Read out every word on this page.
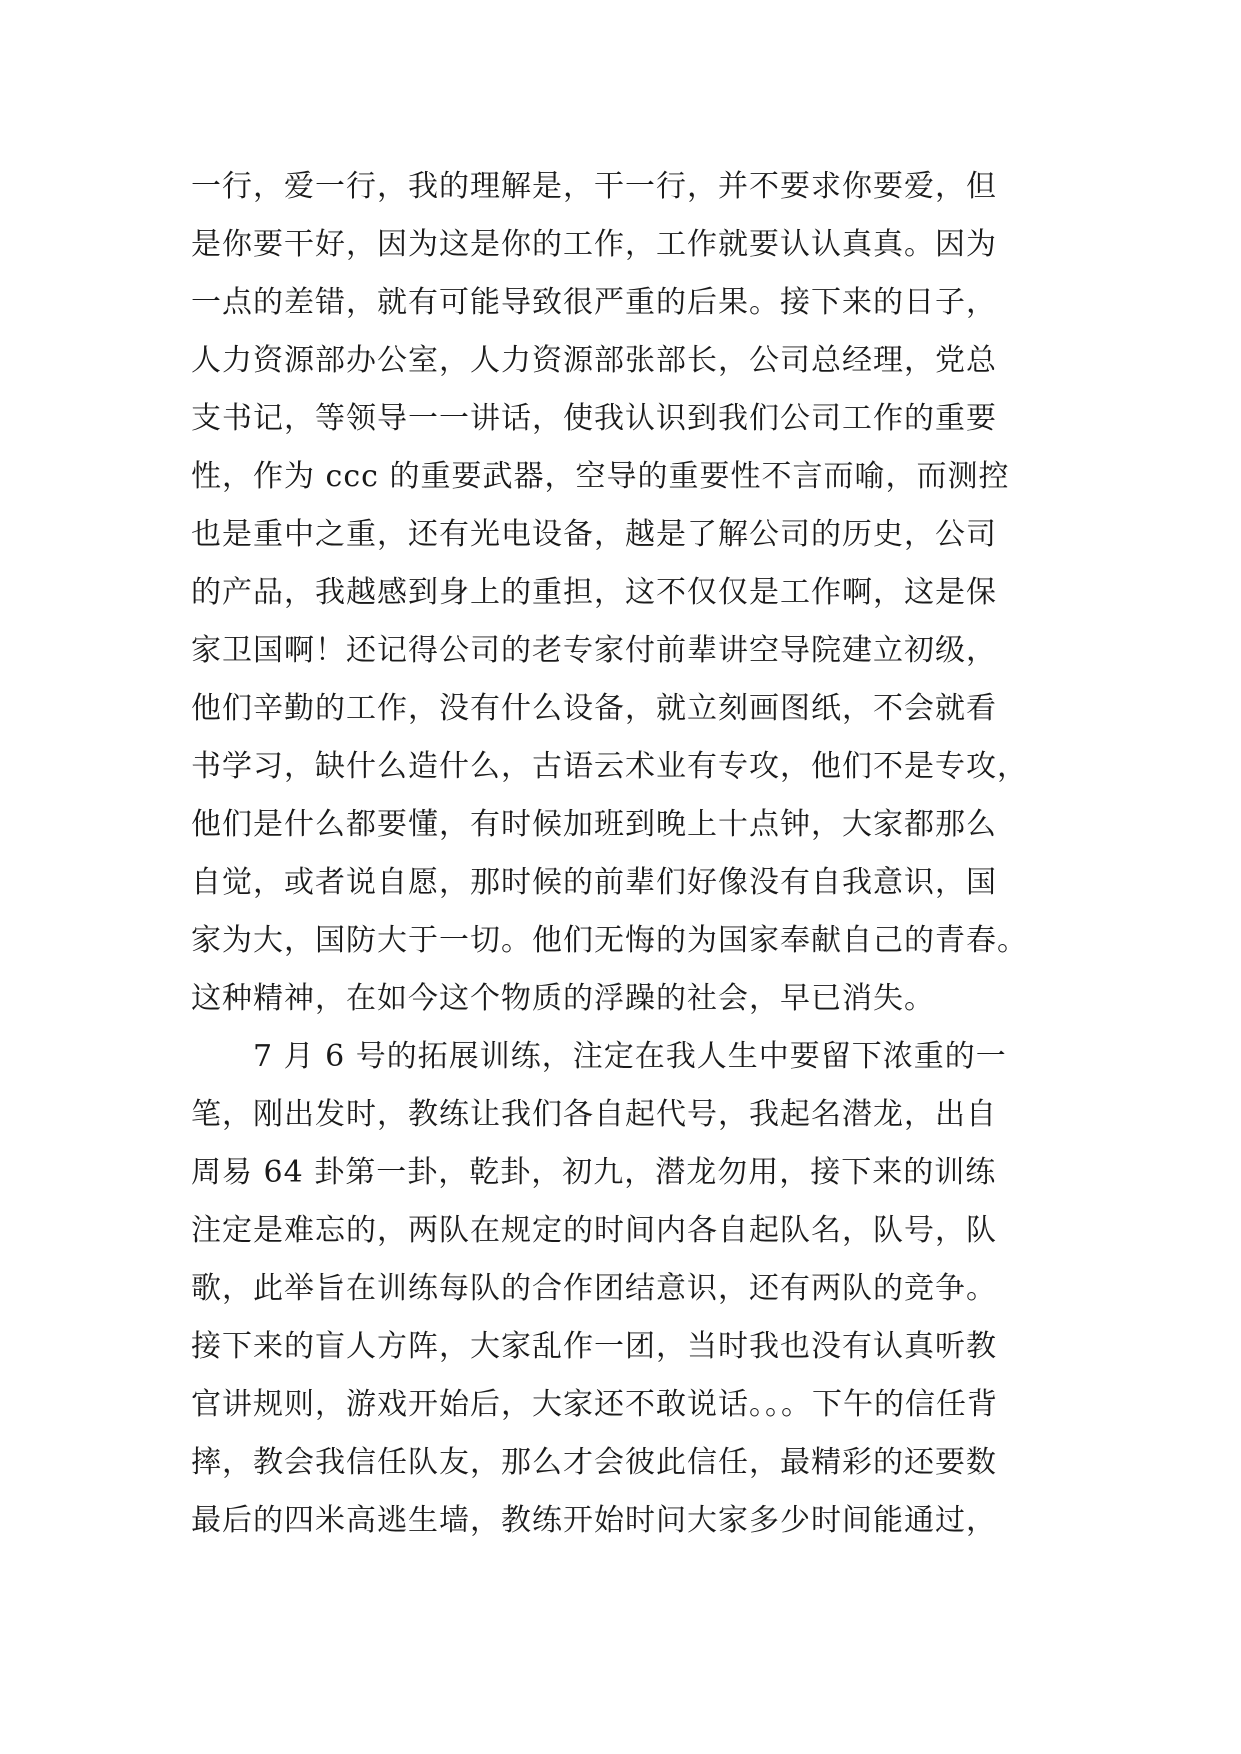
一行，爱一行，我的理解是，干一行，并不要求你要爱，但
是你要干好，因为这是你的工作，工作就要认认真真。因为
一点的差错，就有可能导致很严重的后果。接下来的日子，
人力资源部办公室，人力资源部张部长，公司总经理，党总
支书记，等领导一一讲话，使我认识到我们公司工作的重要
性，作为 ccc 的重要武器，空导的重要性不言而喻，而测控
也是重中之重，还有光电设备，越是了解公司的历史，公司
的产品，我越感到身上的重担，这不仅仅是工作啊，这是保
家卫国啊！还记得公司的老专家付前辈讲空导院建立初级，
他们辛勤的工作，没有什么设备，就立刻画图纸，不会就看
书学习，缺什么造什么，古语云术业有专攻，他们不是专攻，
他们是什么都要懂，有时候加班到晚上十点钟，大家都那么
自觉，或者说自愿，那时候的前辈们好像没有自我意识，国
家为大，国防大于一切。他们无悔的为国家奉献自己的青春。
这种精神，在如今这个物质的浮躁的社会，早已消失。
7 月 6 号的拓展训练，注定在我人生中要留下浓重的一
笔，刚出发时，教练让我们各自起代号，我起名潜龙，出自
周易 64 卦第一卦，乾卦，初九，潜龙勿用，接下来的训练
注定是难忘的，两队在规定的时间内各自起队名，队号，队
歌，此举旨在训练每队的合作团结意识，还有两队的竞争。
接下来的盲人方阵，大家乱作一团，当时我也没有认真听教
官讲规则，游戏开始后，大家还不敢说话。。。下午的信任背
摔，教会我信任队友，那么才会彼此信任，最精彩的还要数
最后的四米高逃生墙，教练开始时问大家多少时间能通过，
